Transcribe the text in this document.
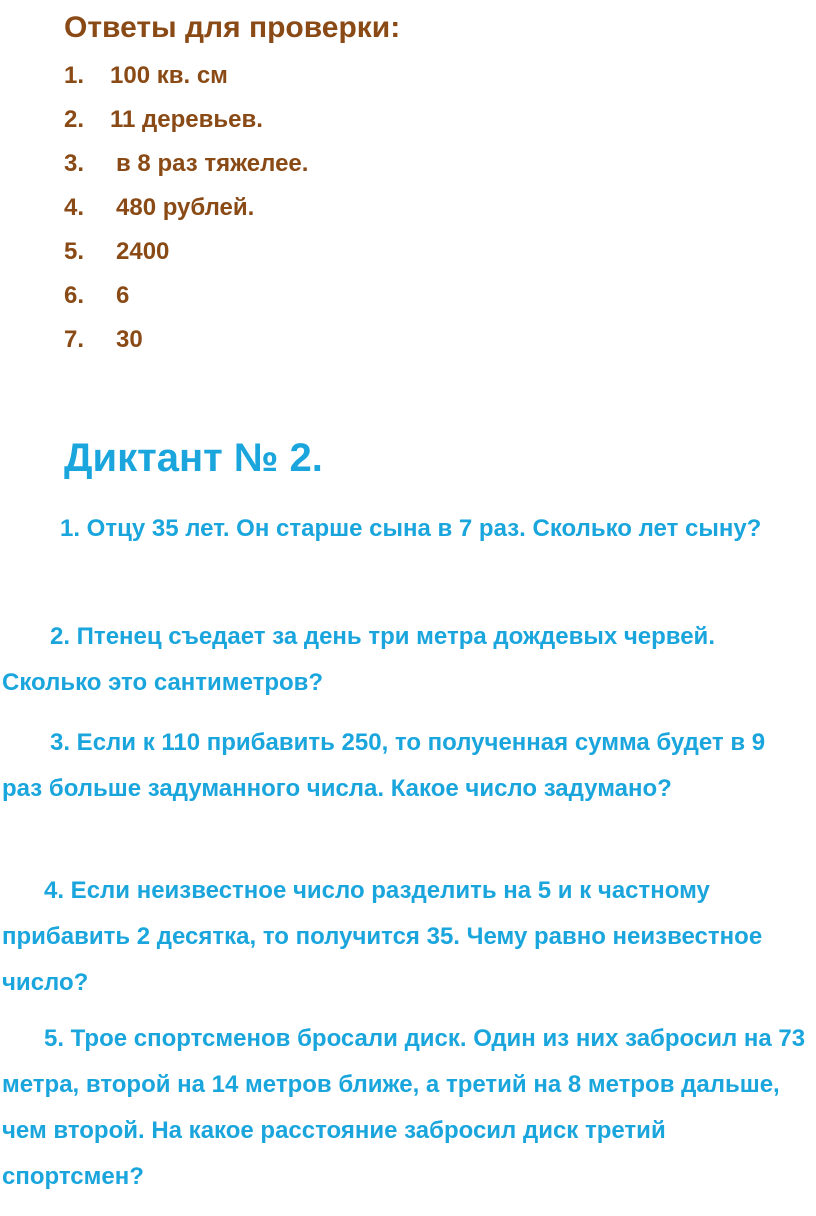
Ответы для проверки:
1. 100 кв. см
2. 11 деревьев.
3. в 8 раз тяжелее.
4. 480 рублей.
5. 2400
6. 6
7. 30
Диктант № 2.

1. Отцу 35 лет. Он старше сына в 7 раз. Сколько лет сыну?

2. Птенец съедает за день три метра дождевых червей. Сколько это сантиметров?

3. Если к 110 прибавить 250, то полученная сумма будет в 9 раз больше задуманного числа. Какое число задумано?

4. Если неизвестное число разделить на 5 и к частному прибавить 2 десятка, то получится 35. Чему равно неизвестное число?

5. Трое спортсменов бросали диск. Один из них забросил на 73 метра, второй на 14 метров ближе, а третий на 8 метров дальше, чем второй. На какое расстояние забросил диск третий спортсмен?
